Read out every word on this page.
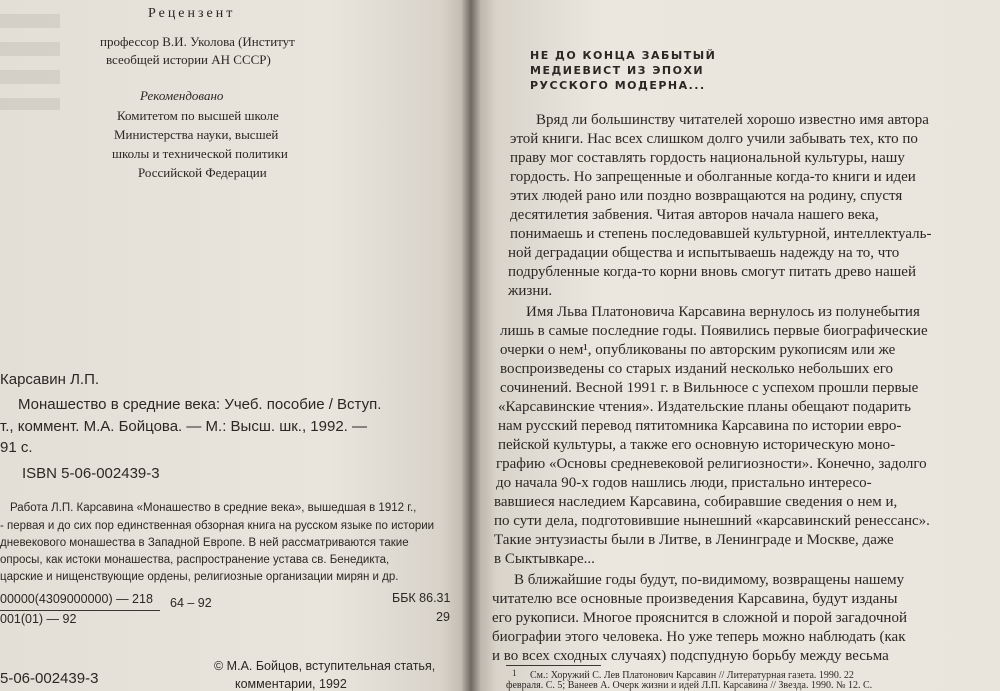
Рецензент
профессор В.И. Уколова (Институт
всеобщей истории АН СССР)
Рекомендовано
Комитетом по высшей школе
Министерства науки, высшей
школы и технической политики
Российской Федерации
Карсавин Л.П.
Монашество в средние века: Учеб. пособие / Вступ.
т., коммент. М.А. Бойцова. — М.: Высш. шк., 1992. —
91 с.
ISBN 5-06-002439-3
Работа Л.П. Карсавина «Монашество в средние века», вышедшая в 1912 г.,
- первая и до сих пор единственная обзорная книга на русском языке по истории
дневекового монашества в Западной Европе. В ней рассматриваются такие
опросы, как истоки монашества, распространение устава св. Бенедикта,
царские и нищенствующие ордены, религиозные организации мирян и др.
00000(4309000000) — 218 64 – 92
001(01) — 92
ББК 86.31
29
5-06-002439-3
© М.А. Бойцов, вступительная статья,
комментарии, 1992
НЕ ДО КОНЦА ЗАБЫТЫЙ
МЕДИЕВИСТ ИЗ ЭПОХИ
РУССКОГО МОДЕРНА...
Вряд ли большинству читателей хорошо известно имя автора
этой книги. Нас всех слишком долго учили забывать тех, кто по
праву мог составлять гордость национальной культуры, нашу
гордость. Но запрещенные и оболганные когда-то книги и идеи
этих людей рано или поздно возвращаются на родину, спустя
десятилетия забвения. Читая авторов начала нашего века,
понимаешь и степень последовавшей культурной, интеллектуаль-
ной деградации общества и испытываешь надежду на то, что
подрубленные когда-то корни вновь смогут питать древо нашей
жизни.
Имя Льва Платоновича Карсавина вернулось из полунебытия
лишь в самые последние годы. Появились первые биографические
очерки о нем¹, опубликованы по авторским рукописям или же
воспроизведены со старых изданий несколько небольших его
сочинений. Весной 1991 г. в Вильнюсе с успехом прошли первые
«Карсавинские чтения». Издательские планы обещают подарить
нам русский перевод пятитомника Карсавина по истории евро-
пейской культуры, а также его основную историческую моно-
графию «Основы средневековой религиозности». Конечно, задолго
до начала 90-х годов нашлись люди, пристально интересо-
вавшиеся наследием Карсавина, собиравшие сведения о нем и,
по сути дела, подготовившие нынешний «карсавинский ренессанс».
Такие энтузиасты были в Литве, в Ленинграде и Москве, даже
в Сыктывкаре...
В ближайшие годы будут, по-видимому, возвращены нашему
читателю все основные произведения Карсавина, будут изданы
его рукописи. Многое прояснится в сложной и порой загадочной
биографии этого человека. Но уже теперь можно наблюдать (как
и во всех сходных случаях) подспудную борьбу между весьма
1 См.: Хоружий С. Лев Платонович Карсавин // Литературная газета. 1990. 22
февраля. С. 5; Ванеев А. Очерк жизни и идей Л.П. Карсавина // Звезда. 1990. № 12. С.
